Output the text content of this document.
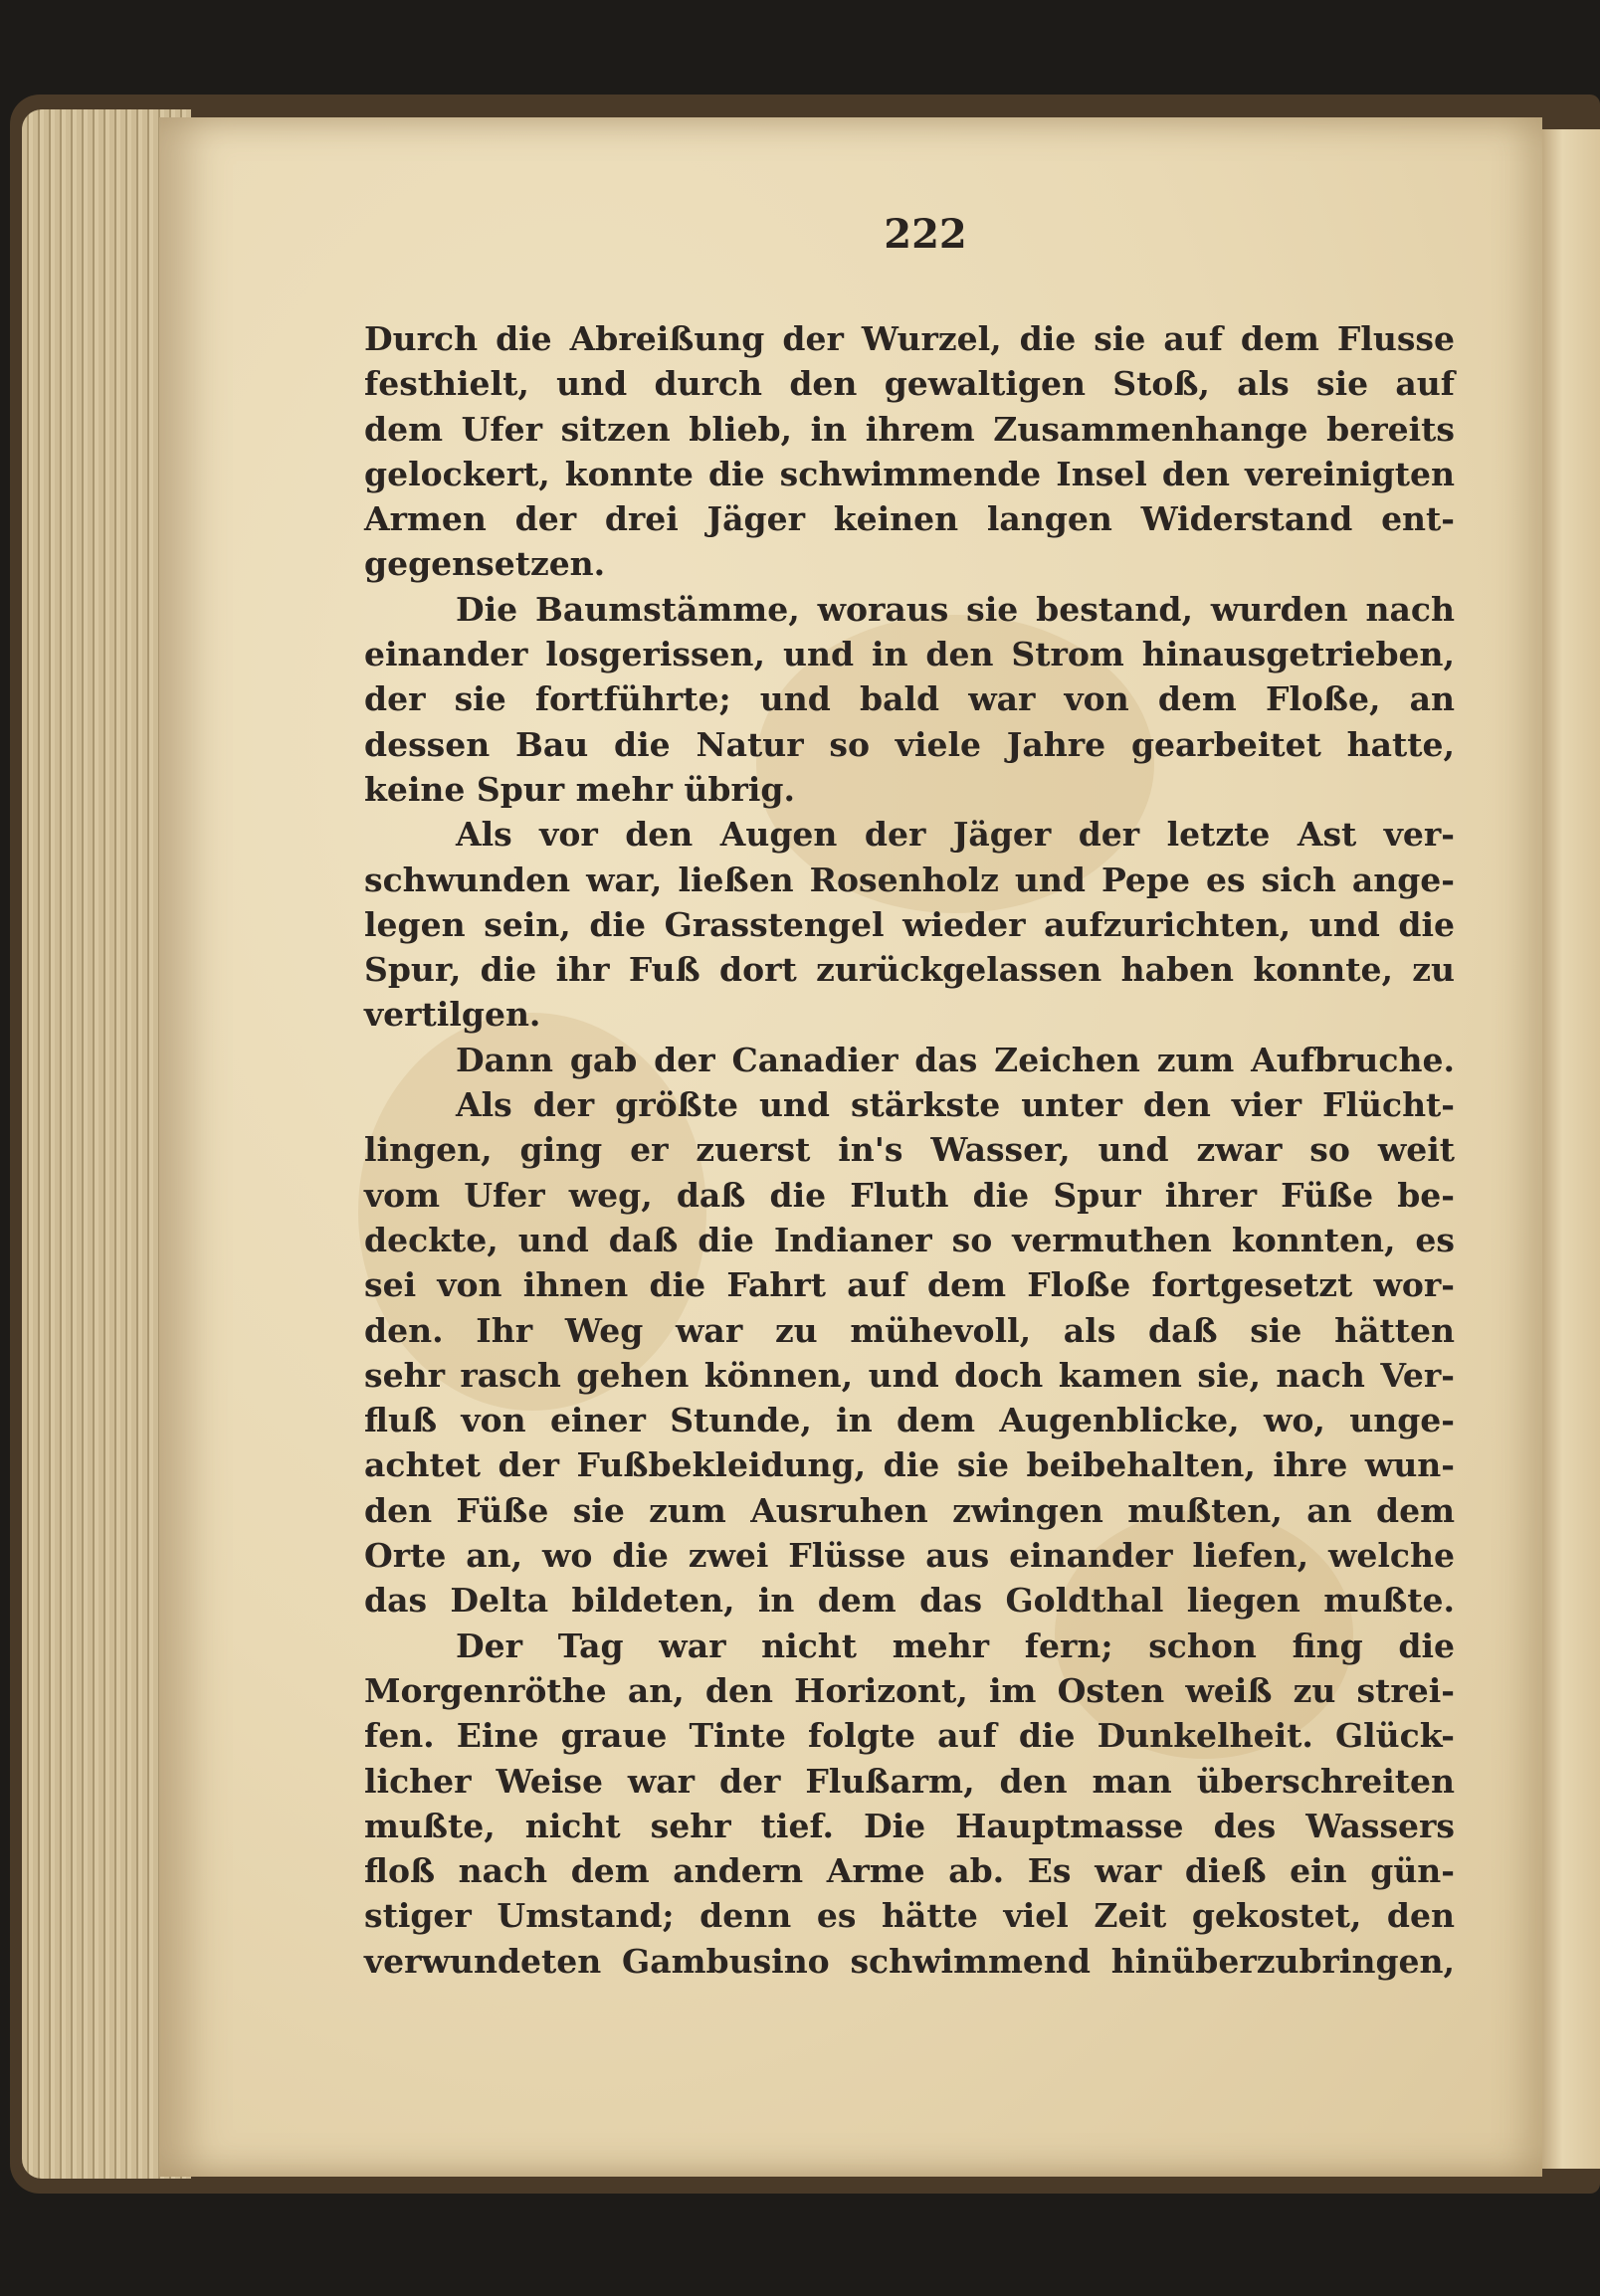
222
Durch die Abreißung der Wurzel, die sie auf dem Flusse
festhielt, und durch den gewaltigen Stoß, als sie auf
dem Ufer sitzen blieb, in ihrem Zusammenhange bereits
gelockert, konnte die schwimmende Insel den vereinigten
Armen der drei Jäger keinen langen Widerstand ent-
gegensetzen.
Die Baumstämme, woraus sie bestand, wurden nach
einander losgerissen, und in den Strom hinausgetrieben,
der sie fortführte; und bald war von dem Floße, an
dessen Bau die Natur so viele Jahre gearbeitet hatte,
keine Spur mehr übrig.
Als vor den Augen der Jäger der letzte Ast ver-
schwunden war, ließen Rosenholz und Pepe es sich ange-
legen sein, die Grasstengel wieder aufzurichten, und die
Spur, die ihr Fuß dort zurückgelassen haben konnte, zu
vertilgen.
Dann gab der Canadier das Zeichen zum Aufbruche.
Als der größte und stärkste unter den vier Flücht-
lingen, ging er zuerst in's Wasser, und zwar so weit
vom Ufer weg, daß die Fluth die Spur ihrer Füße be-
deckte, und daß die Indianer so vermuthen konnten, es
sei von ihnen die Fahrt auf dem Floße fortgesetzt wor-
den. Ihr Weg war zu mühevoll, als daß sie hätten
sehr rasch gehen können, und doch kamen sie, nach Ver-
fluß von einer Stunde, in dem Augenblicke, wo, unge-
achtet der Fußbekleidung, die sie beibehalten, ihre wun-
den Füße sie zum Ausruhen zwingen mußten, an dem
Orte an, wo die zwei Flüsse aus einander liefen, welche
das Delta bildeten, in dem das Goldthal liegen mußte.
Der Tag war nicht mehr fern; schon fing die
Morgenröthe an, den Horizont, im Osten weiß zu strei-
fen. Eine graue Tinte folgte auf die Dunkelheit. Glück-
licher Weise war der Flußarm, den man überschreiten
mußte, nicht sehr tief. Die Hauptmasse des Wassers
floß nach dem andern Arme ab. Es war dieß ein gün-
stiger Umstand; denn es hätte viel Zeit gekostet, den
verwundeten Gambusino schwimmend hinüberzubringen,
